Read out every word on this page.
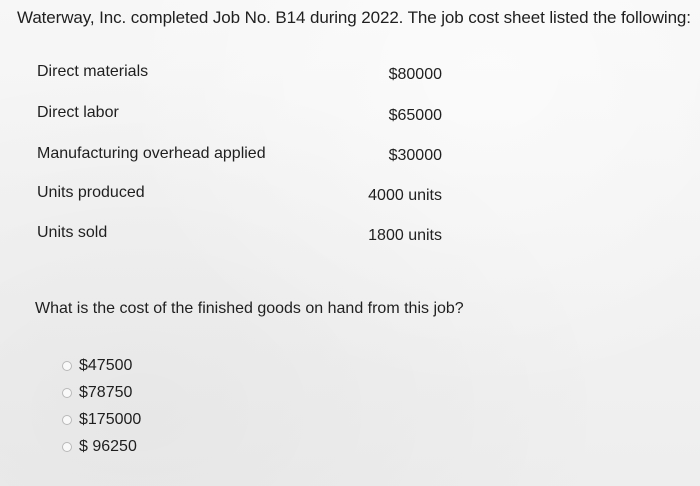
Waterway, Inc. completed Job No. B14 during 2022. The job cost sheet listed the following:
Direct materials	$80000
Direct labor	$65000
Manufacturing overhead applied	$30000
Units produced	4000 units
Units sold	1800 units
What is the cost of the finished goods on hand from this job?
$47500
$78750
$175000
$ 96250
